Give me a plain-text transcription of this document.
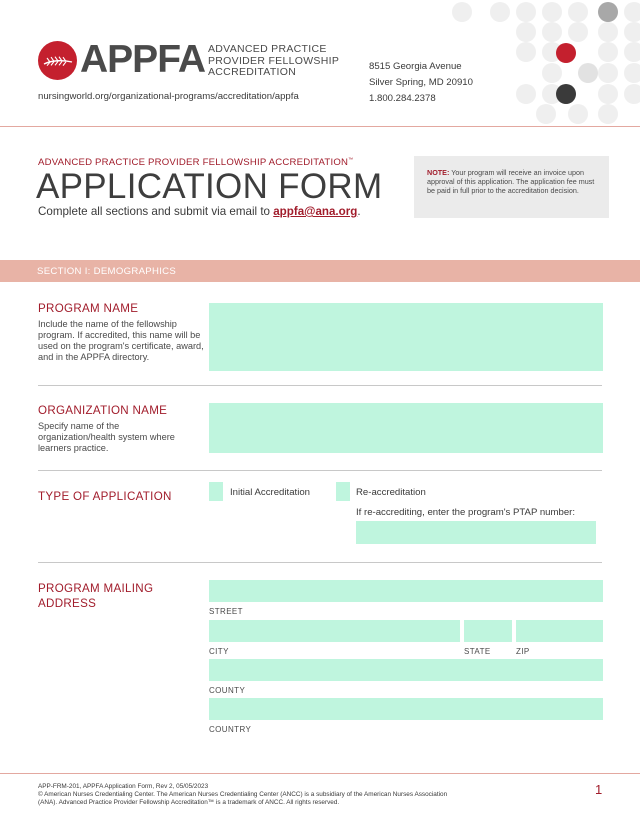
APPFA ADVANCED PRACTICE
PROVIDER FELLOWSHIP
ACCREDITATION
nursingworld.org/organizational-programs/accreditation/appfa
8515 Georgia Avenue
Silver Spring, MD 20910
1.800.284.2378
ADVANCED PRACTICE PROVIDER FELLOWSHIP ACCREDITATION™
APPLICATION FORM
Complete all sections and submit via email to appfa@ana.org.
NOTE: Your program will receive an invoice upon approval of this application. The application fee must be paid in full prior to the accreditation decision.
SECTION I: DEMOGRAPHICS
PROGRAM NAME
Include the name of the fellowship program. If accredited, this name will be used on the program's certificate, award, and in the APPFA directory.
ORGANIZATION NAME
Specify name of the organization/health system where learners practice.
TYPE OF APPLICATION	Initial Accreditation	Re-accreditation
If re-accrediting, enter the program's PTAP number:
PROGRAM MAILING
ADDRESS
STREET
CITY	STATE	ZIP
COUNTY
COUNTRY
APP-FRM-201, APPFA Application Form, Rev 2, 05/05/2023
© American Nurses Credentialing Center. The American Nurses Credentialing Center (ANCC) is a subsidiary of the American Nurses Association
(ANA). Advanced Practice Provider Fellowship Accreditation™ is a trademark of ANCC. All rights reserved.
1
